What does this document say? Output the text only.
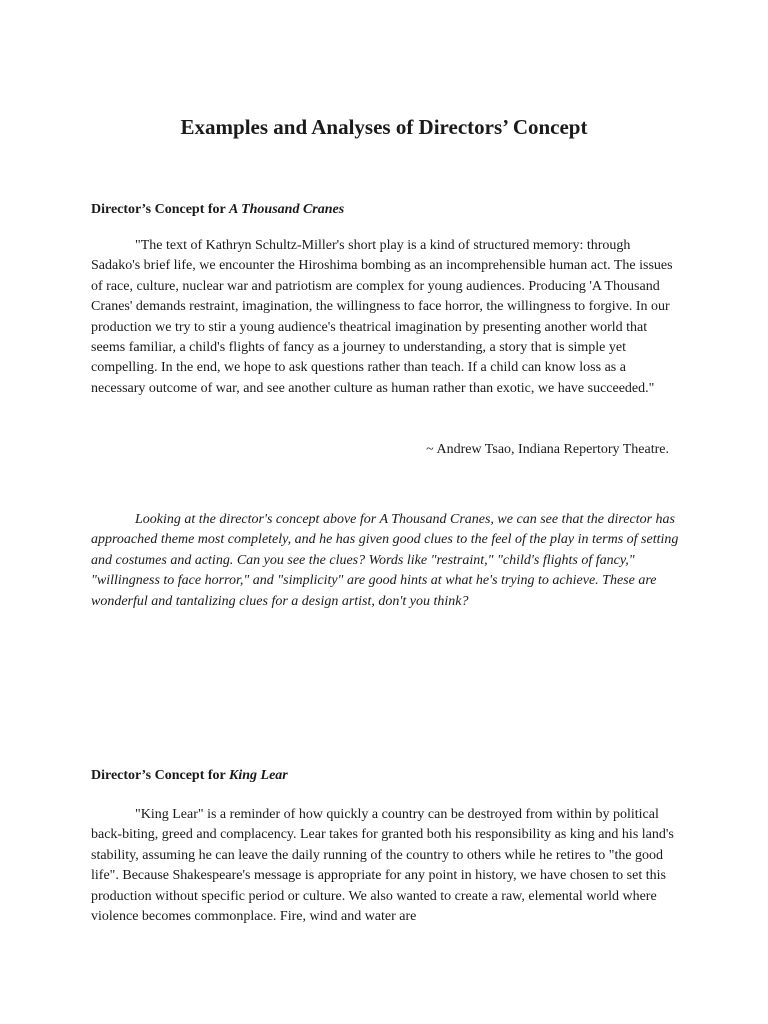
Examples and Analyses of Directors’ Concept
Director’s Concept for A Thousand Cranes

"The text of Kathryn Schultz-Miller's short play is a kind of structured memory: through Sadako's brief life, we encounter the Hiroshima bombing as an incomprehensible human act. The issues of race, culture, nuclear war and patriotism are complex for young audiences. Producing 'A Thousand Cranes' demands restraint, imagination, the willingness to face horror, the willingness to forgive. In our production we try to stir a young audience's theatrical imagination by presenting another world that seems familiar, a child's flights of fancy as a journey to understanding, a story that is simple yet compelling. In the end, we hope to ask questions rather than teach. If a child can know loss as a necessary outcome of war, and see another culture as human rather than exotic, we have succeeded."

~ Andrew Tsao, Indiana Repertory Theatre.

Looking at the director's concept above for A Thousand Cranes, we can see that the director has approached theme most completely, and he has given good clues to the feel of the play in terms of setting and costumes and acting. Can you see the clues? Words like "restraint," "child's flights of fancy," "willingness to face horror," and "simplicity" are good hints at what he's trying to achieve. These are wonderful and tantalizing clues for a design artist, don't you think?

Director’s Concept for King Lear

"King Lear" is a reminder of how quickly a country can be destroyed from within by political back-biting, greed and complacency. Lear takes for granted both his responsibility as king and his land's stability, assuming he can leave the daily running of the country to others while he retires to "the good life". Because Shakespeare's message is appropriate for any point in history, we have chosen to set this production without specific period or culture. We also wanted to create a raw, elemental world where violence becomes commonplace. Fire, wind and water are
